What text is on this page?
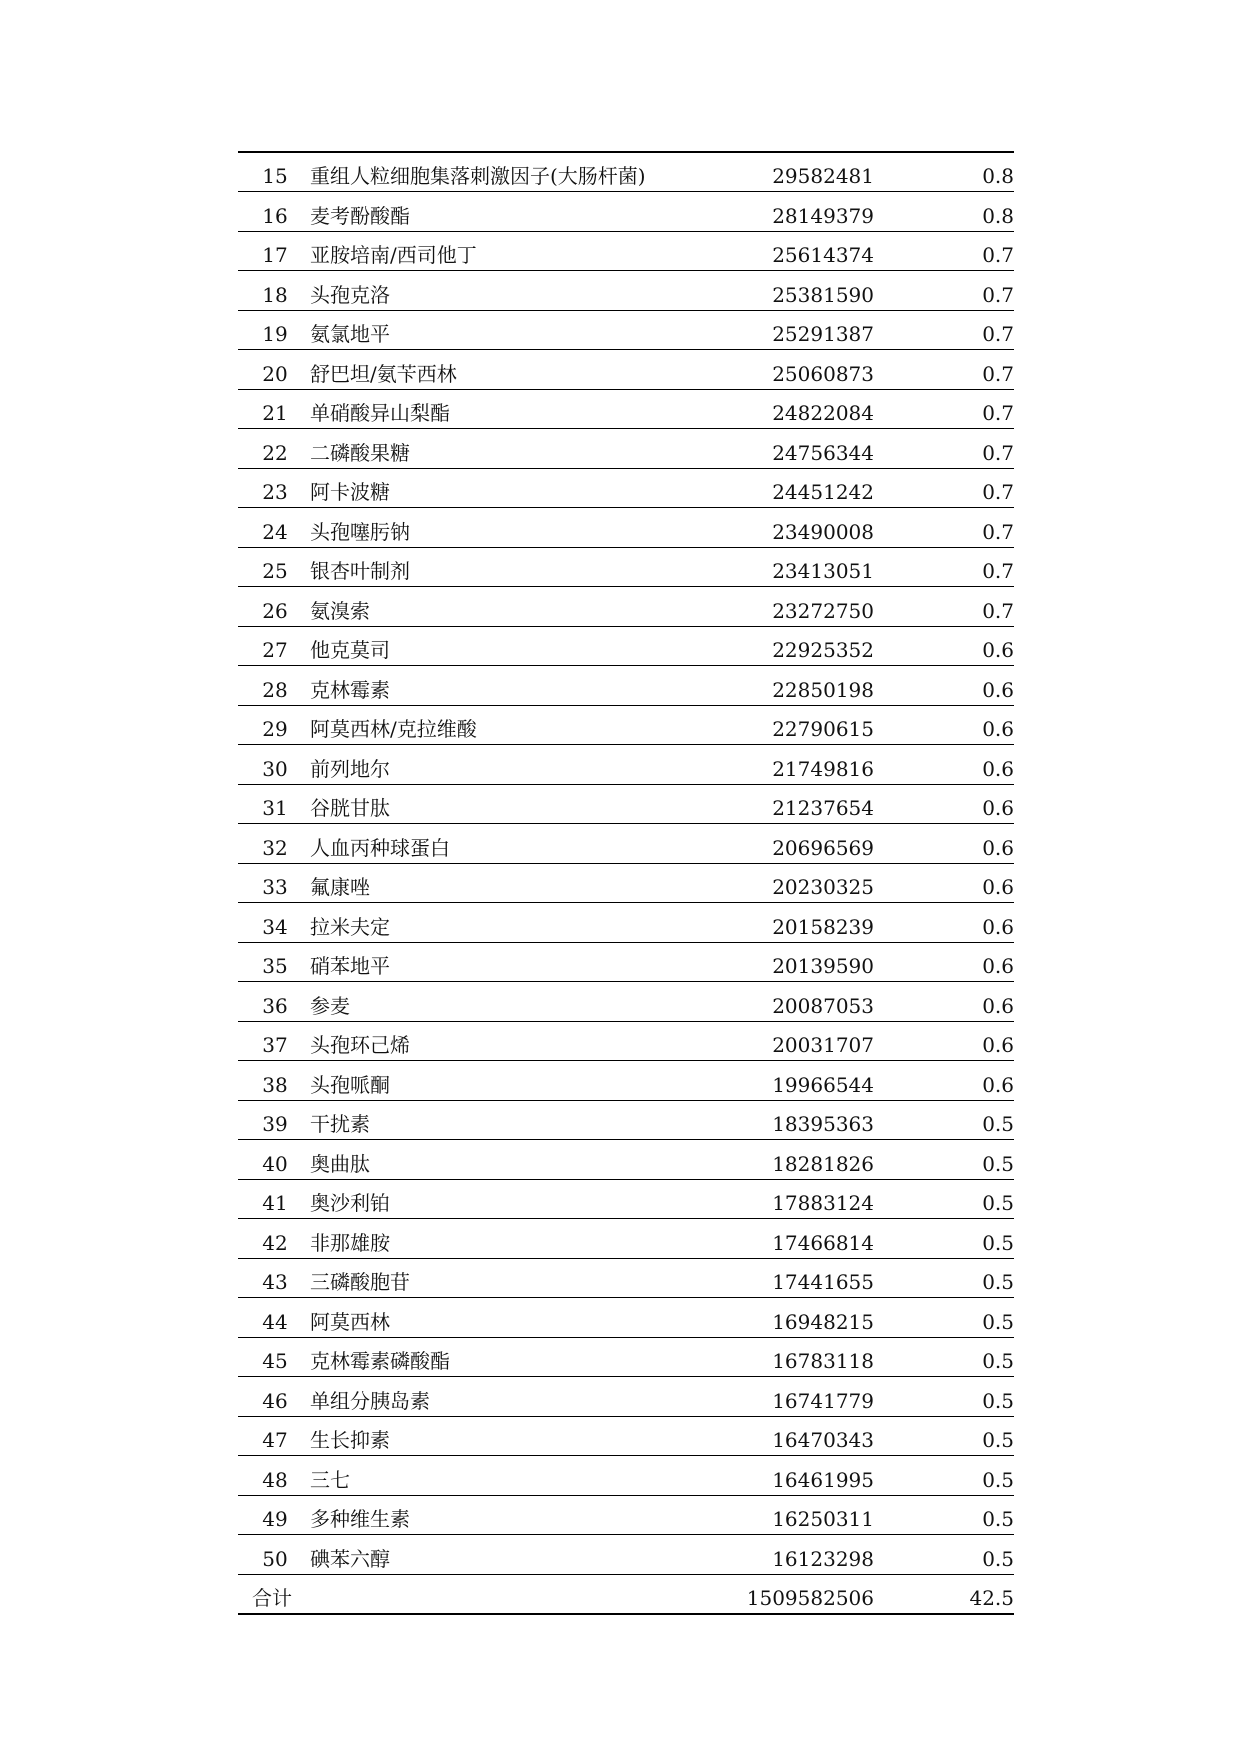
15	重组人粒细胞集落刺激因子(大肠杆菌)	29582481	0.8
16	麦考酚酸酯	28149379	0.8
17	亚胺培南/西司他丁	25614374	0.7
18	头孢克洛	25381590	0.7
19	氨氯地平	25291387	0.7
20	舒巴坦/氨苄西林	25060873	0.7
21	单硝酸异山梨酯	24822084	0.7
22	二磷酸果糖	24756344	0.7
23	阿卡波糖	24451242	0.7
24	头孢噻肟钠	23490008	0.7
25	银杏叶制剂	23413051	0.7
26	氨溴索	23272750	0.7
27	他克莫司	22925352	0.6
28	克林霉素	22850198	0.6
29	阿莫西林/克拉维酸	22790615	0.6
30	前列地尔	21749816	0.6
31	谷胱甘肽	21237654	0.6
32	人血丙种球蛋白	20696569	0.6
33	氟康唑	20230325	0.6
34	拉米夫定	20158239	0.6
35	硝苯地平	20139590	0.6
36	参麦	20087053	0.6
37	头孢环己烯	20031707	0.6
38	头孢哌酮	19966544	0.6
39	干扰素	18395363	0.5
40	奥曲肽	18281826	0.5
41	奥沙利铂	17883124	0.5
42	非那雄胺	17466814	0.5
43	三磷酸胞苷	17441655	0.5
44	阿莫西林	16948215	0.5
45	克林霉素磷酸酯	16783118	0.5
46	单组分胰岛素	16741779	0.5
47	生长抑素	16470343	0.5
48	三七	16461995	0.5
49	多种维生素	16250311	0.5
50	碘苯六醇	16123298	0.5
合计		1509582506	42.5
